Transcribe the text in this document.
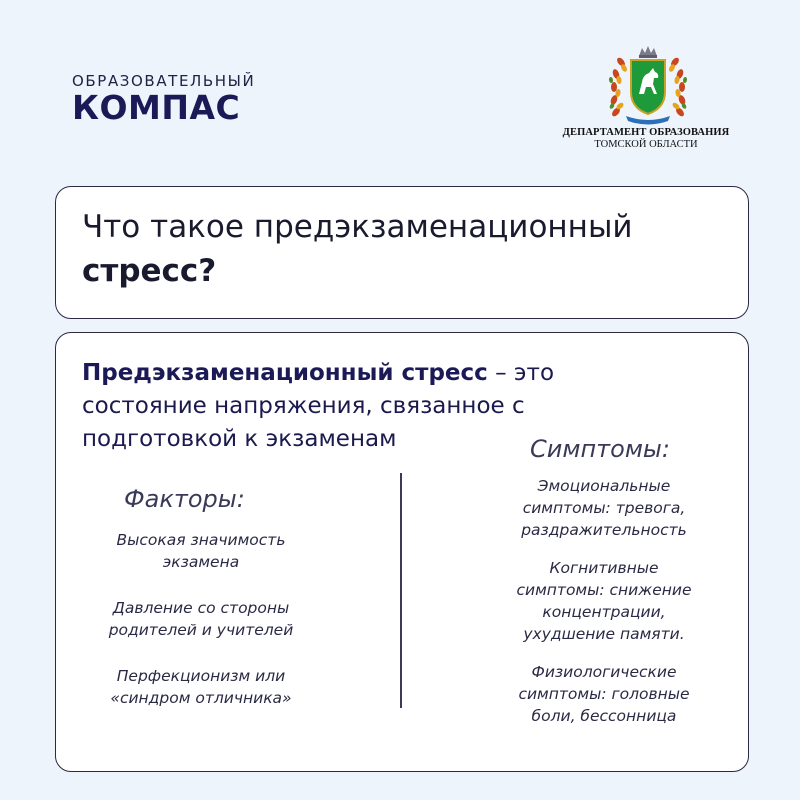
ОБРАЗОВАТЕЛЬНЫЙ
КОМПАС
ДЕПАРТАМЕНТ ОБРАЗОВАНИЯ
ТОМСКОЙ ОБЛАСТИ
Что такое предэкзаменационный
стресс?
Предэкзаменационный стресс – это
состояние напряжения, связанное с
подготовкой к экзаменам
Факторы:
Высокая значимость
экзамена
Давление со стороны
родителей и учителей
Перфекционизм или
«синдром отличника»
Симптомы:
Эмоциональные
симптомы: тревога,
раздражительность
Когнитивные
симптомы: снижение
концентрации,
ухудшение памяти.
Физиологические
симптомы: головные
боли, бессонница
